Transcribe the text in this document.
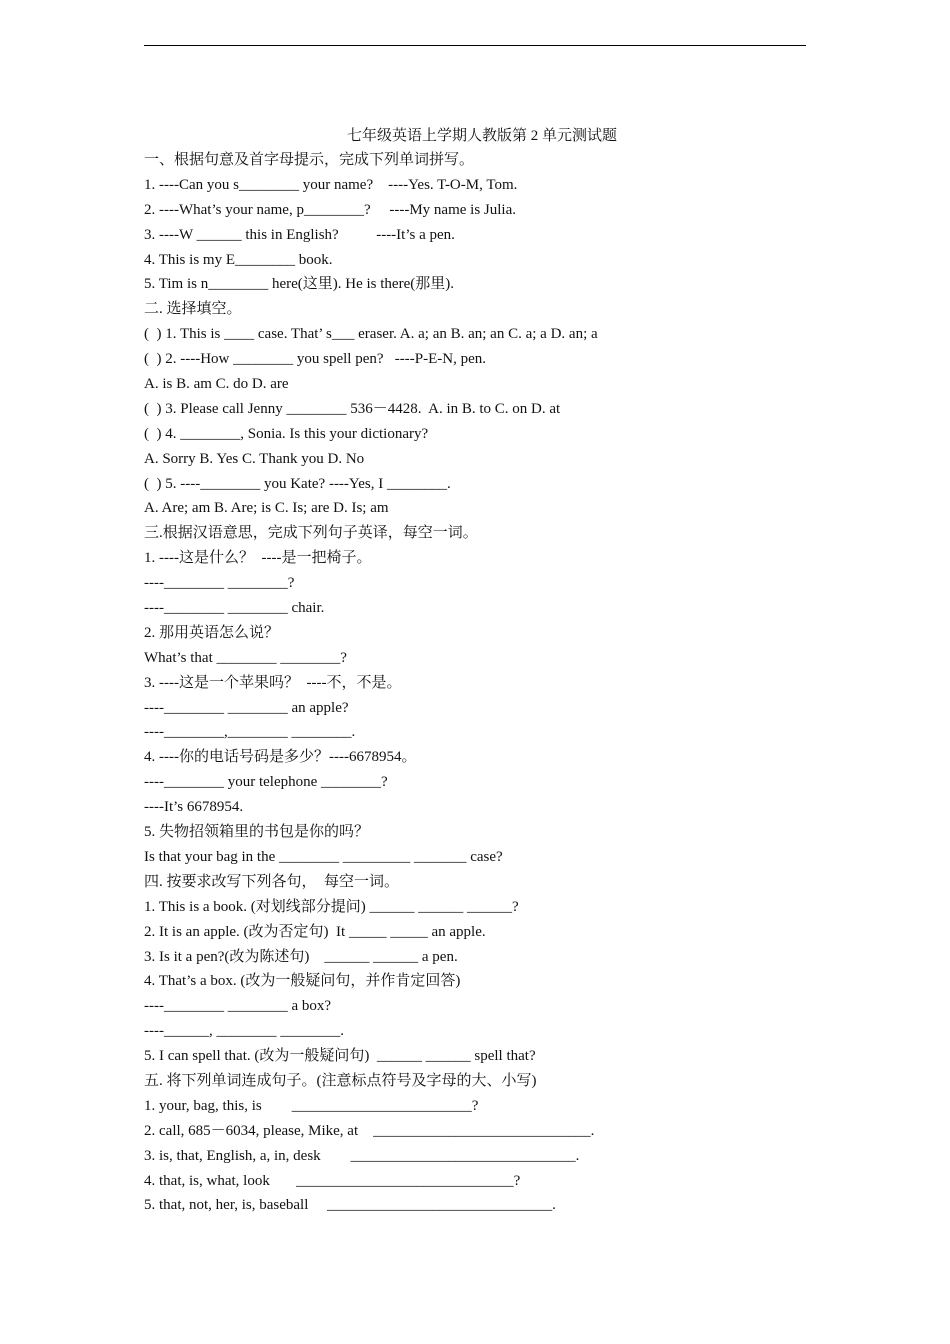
七年级英语上学期人教版第 2 单元测试题
一、根据句意及首字母提示，完成下列单词拼写。
1. ----Can you s________ your name?    ----Yes. T-O-M, Tom.
2. ----What’s your name, p________?     ----My name is Julia.
3. ----W ______ this in English?          ----It’s a pen.
4. This is my E________ book.
5. Tim is n________ here(这里). He is there(那里).
二. 选择填空。
(  ) 1. This is ____ case. That’ s___ eraser. A. a; an B. an; an C. a; a D. an; a
(  ) 2. ----How ________ you spell pen?   ----P-E-N, pen.
A. is B. am C. do D. are
(  ) 3. Please call Jenny ________ 536－4428.  A. in B. to C. on D. at
(  ) 4. ________, Sonia. Is this your dictionary?
A. Sorry B. Yes C. Thank you D. No
(  ) 5. ----________ you Kate? ----Yes, I ________.
A. Are; am B. Are; is C. Is; are D. Is; am
三.根据汉语意思，完成下列句子英译，每空一词。
1. ----这是什么？  ----是一把椅子。
----________ ________?
----________ ________ chair.
2. 那用英语怎么说？
What’s that ________ ________?
3. ----这是一个苹果吗？  ----不，不是。
----________ ________ an apple?
----________,________ ________.
4. ----你的电话号码是多少？----6678954。
----________ your telephone ________?
----It’s 6678954.
5. 失物招领箱里的书包是你的吗？
Is that your bag in the ________ _________ _______ case?
四. 按要求改写下列各句，  每空一词。
1. This is a book. (对划线部分提问) ______ ______ ______?
2. It is an apple. (改为否定句)  It _____ _____ an apple.
3. Is it a pen?(改为陈述句)    ______ ______ a pen.
4. That’s a box. (改为一般疑问句，并作肯定回答)
----________ ________ a box?
----______, ________ ________.
5. I can spell that. (改为一般疑问句)  ______ ______ spell that?
五. 将下列单词连成句子。(注意标点符号及字母的大、小写)
1. your, bag, this, is        ________________________?
2. call, 685－6034, please, Mike, at    _____________________________.
3. is, that, English, a, in, desk        ______________________________.
4. that, is, what, look       _____________________________?
5. that, not, her, is, baseball     ______________________________.
